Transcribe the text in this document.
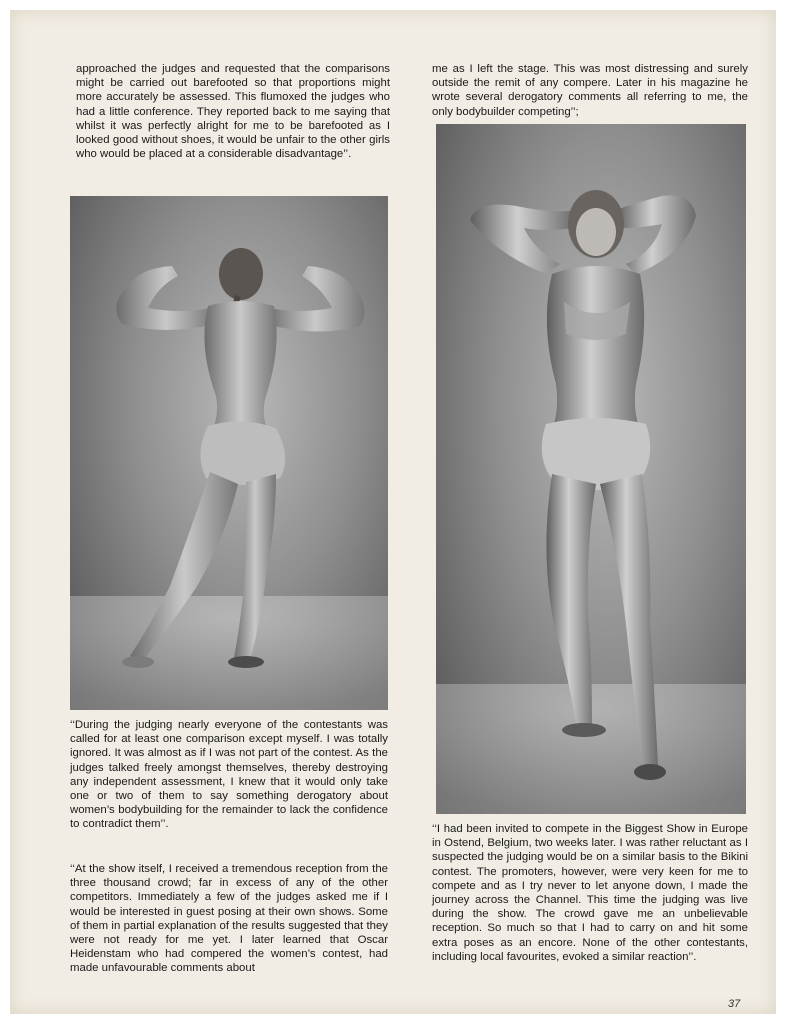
approached the judges and requested that the comparisons might be carried out barefooted so that proportions might more accurately be assessed. This flumoxed the judges who had a little conference. They reported back to me saying that whilst it was perfectly alright for me to be barefooted as I looked good without shoes, it would be unfair to the other girls who would be placed at a considerable disadvantage’’.

‘‘During the judging nearly everyone of the contestants was called for at least one comparison except myself. I was totally ignored. It was almost as if I was not part of the contest. As the judges talked freely amongst themselves, thereby destroying any independent assessment, I knew that it would only take one or two of them to say something derogatory about women’s bodybuilding for the remainder to lack the confidence to contradict them’’.

‘‘At the show itself, I received a tremendous reception from the three thousand crowd; far in excess of any of the other competitors. Immediately a few of the judges asked me if I would be interested in guest posing at their own shows. Some of them in partial explanation of the results suggested that they were not ready for me yet. I later learned that Oscar Heidenstam who had compered the women’s contest, had made unfavourable comments about

me as I left the stage. This was most distressing and surely outside the remit of any compere. Later in his magazine he wrote several derogatory comments all referring to me, the only bodybuilder competing’’;

‘‘I had been invited to compete in the Biggest Show in Europe in Ostend, Belgium, two weeks later. I was rather reluctant as I suspected the judging would be on a similar basis to the Bikini contest. The promoters, however, were very keen for me to compete and as I try never to let anyone down, I made the journey across the Channel. This time the judging was live during the show. The crowd gave me an unbelievable reception. So much so that I had to carry on and hit some extra poses as an encore. None of the other contestants, including local favourites, evoked a similar reaction’’.

37
